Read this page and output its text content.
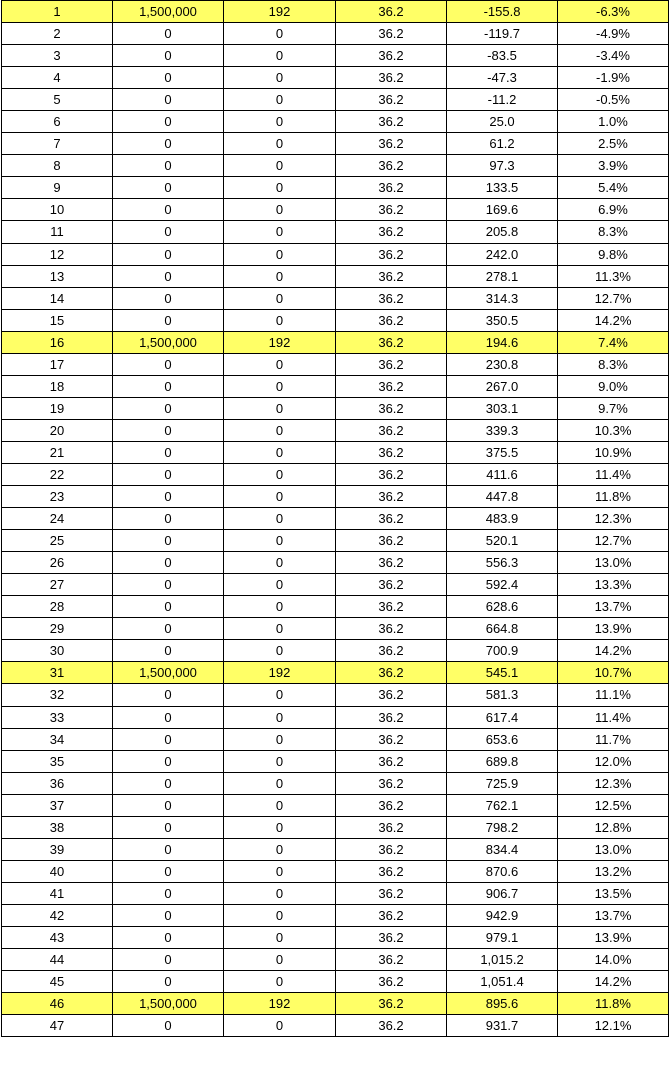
1	1,500,000	192	36.2	-155.8	-6.3%
2	0	0	36.2	-119.7	-4.9%
3	0	0	36.2	-83.5	-3.4%
4	0	0	36.2	-47.3	-1.9%
5	0	0	36.2	-11.2	-0.5%
6	0	0	36.2	25.0	1.0%
7	0	0	36.2	61.2	2.5%
8	0	0	36.2	97.3	3.9%
9	0	0	36.2	133.5	5.4%
10	0	0	36.2	169.6	6.9%
11	0	0	36.2	205.8	8.3%
12	0	0	36.2	242.0	9.8%
13	0	0	36.2	278.1	11.3%
14	0	0	36.2	314.3	12.7%
15	0	0	36.2	350.5	14.2%
16	1,500,000	192	36.2	194.6	7.4%
17	0	0	36.2	230.8	8.3%
18	0	0	36.2	267.0	9.0%
19	0	0	36.2	303.1	9.7%
20	0	0	36.2	339.3	10.3%
21	0	0	36.2	375.5	10.9%
22	0	0	36.2	411.6	11.4%
23	0	0	36.2	447.8	11.8%
24	0	0	36.2	483.9	12.3%
25	0	0	36.2	520.1	12.7%
26	0	0	36.2	556.3	13.0%
27	0	0	36.2	592.4	13.3%
28	0	0	36.2	628.6	13.7%
29	0	0	36.2	664.8	13.9%
30	0	0	36.2	700.9	14.2%
31	1,500,000	192	36.2	545.1	10.7%
32	0	0	36.2	581.3	11.1%
33	0	0	36.2	617.4	11.4%
34	0	0	36.2	653.6	11.7%
35	0	0	36.2	689.8	12.0%
36	0	0	36.2	725.9	12.3%
37	0	0	36.2	762.1	12.5%
38	0	0	36.2	798.2	12.8%
39	0	0	36.2	834.4	13.0%
40	0	0	36.2	870.6	13.2%
41	0	0	36.2	906.7	13.5%
42	0	0	36.2	942.9	13.7%
43	0	0	36.2	979.1	13.9%
44	0	0	36.2	1,015.2	14.0%
45	0	0	36.2	1,051.4	14.2%
46	1,500,000	192	36.2	895.6	11.8%
47	0	0	36.2	931.7	12.1%
